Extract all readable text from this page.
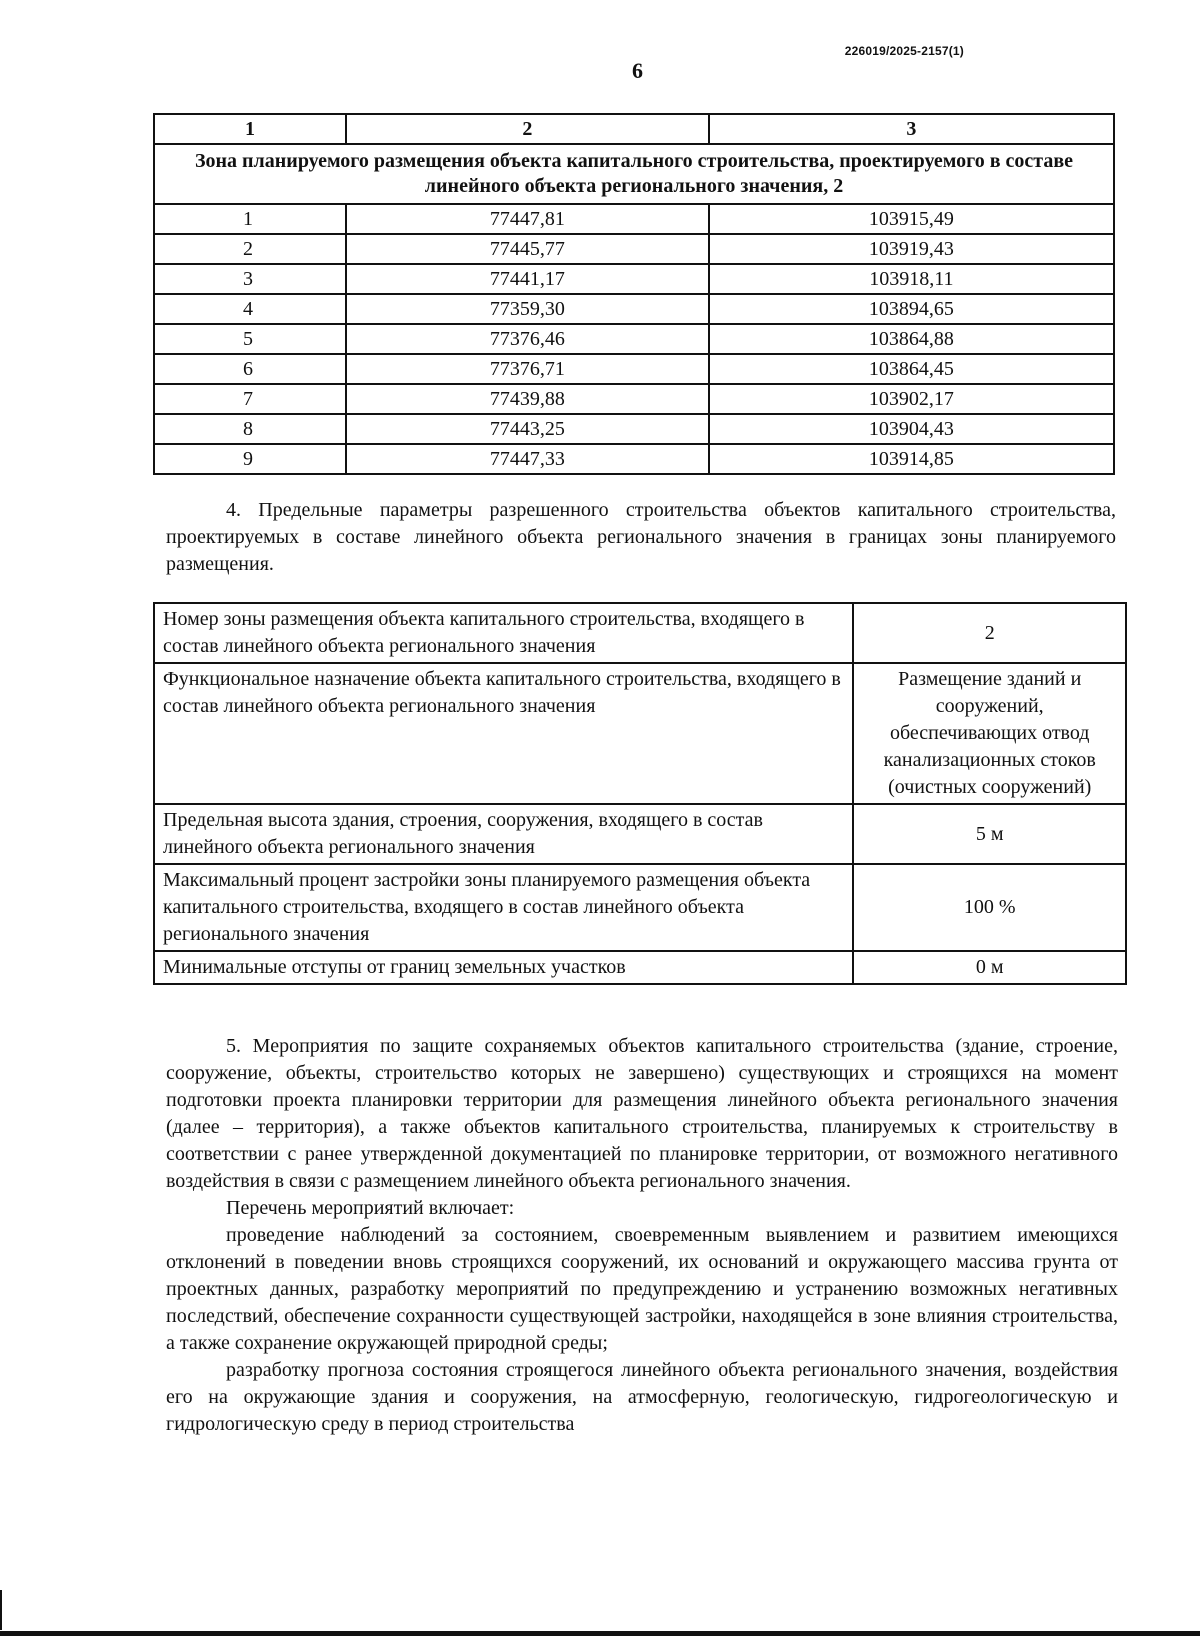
226019/2025-2157(1)
6
1	2	3
Зона планируемого размещения объекта капитального строительства, проектируемого в составе линейного объекта регионального значения, 2		
1	77447,81	103915,49
2	77445,77	103919,43
3	77441,17	103918,11
4	77359,30	103894,65
5	77376,46	103864,88
6	77376,71	103864,45
7	77439,88	103902,17
8	77443,25	103904,43
9	77447,33	103914,85

4. Предельные параметры разрешенного строительства объектов капитального строительства, проектируемых в составе линейного объекта регионального значения в границах зоны планируемого размещения.

Номер зоны размещения объекта капитального строительства, входящего в состав линейного объекта регионального значения	2
Функциональное назначение объекта капитального строительства, входящего в состав линейного объекта регионального значения	Размещение зданий и сооружений, обеспечивающих отвод канализационных стоков (очистных сооружений)
Предельная высота здания, строения, сооружения, входящего в состав линейного объекта регионального значения	5 м
Максимальный процент застройки зоны планируемого размещения объекта капитального строительства, входящего в состав линейного объекта регионального значения	100 %
Минимальные отступы от границ земельных участков	0 м

5. Мероприятия по защите сохраняемых объектов капитального строительства (здание, строение, сооружение, объекты, строительство которых не завершено) существующих и строящихся на момент подготовки проекта планировки территории для размещения линейного объекта регионального значения (далее – территория), а также объектов капитального строительства, планируемых к строительству в соответствии с ранее утвержденной документацией по планировке территории, от возможного негативного воздействия в связи с размещением линейного объекта регионального значения.

Перечень мероприятий включает:

проведение наблюдений за состоянием, своевременным выявлением и развитием имеющихся отклонений в поведении вновь строящихся сооружений, их оснований и окружающего массива грунта от проектных данных, разработку мероприятий по предупреждению и устранению возможных негативных последствий, обеспечение сохранности существующей застройки, находящейся в зоне влияния строительства, а также сохранение окружающей природной среды;

разработку прогноза состояния строящегося линейного объекта регионального значения, воздействия его на окружающие здания и сооружения, на атмосферную, геологическую, гидрогеологическую и гидрологическую среду в период строительства
